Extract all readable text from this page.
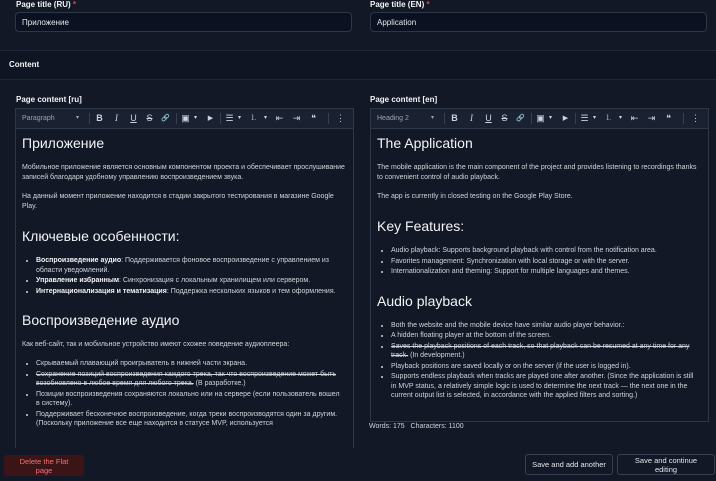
Page title (RU) *
Приложение	Page title (EN) *
Application
Content
Page content [ru]
Paragraph	▾ B	I	U S	🔗 ▣ ▾	▶	☰ ▾ ⒈	▾ ⇤ ⇥	❝	⋮
Приложение

Мобильное приложение является основным компонентом проекта и обеспечивает прослушивание записей благодаря удобному управлению воспроизведением звука.

На данный момент приложение находится в стадии закрытого тестирования в магазине Google Play.

Ключевые особенности:
• Воспроизведение аудио: Поддерживается фоновое воспроизведение с управлением из области уведомлений.
• Управление избранным: Синхронизация с локальным хранилищем или сервером.
• Интернационализация и тематизация: Поддержка нескольких языков и тем оформления.
Воспроизведение аудио

Как веб-сайт, так и мобильное устройство имеют схожее поведение аудиоплеера:

• Скрываемый плавающий проигрыватель в нижней части экрана.
• Сохранение позиций воспроизведения каждого трека, так что воспроизведение может быть возобновлено в любое время для любого трека. (В разработке.)
• Позиции воспроизведения сохраняются локально или на сервере (если пользователь вошел в систему).
• Поддерживает бесконечное воспроизведение, когда треки воспроизводятся один за другим. (Поскольку приложение все еще находится в статусе MVP, используется
Page content [en]
Heading 2	▾ B	I	U S	🔗 ▣ ▾	▶	☰ ▾ ⒈	▾ ⇤ ⇥	❝	⋮
The Application

The mobile application is the main component of the project and provides listening to recordings thanks to convenient control of audio playback.

The app is currently in closed testing on the Google Play Store.

Key Features:
• Audio playback: Supports background playback with control from the notification area.
• Favorites management: Synchronization with local storage or with the server.
• Internationalization and theming: Support for multiple languages and themes.
Audio playback
• Both the website and the mobile device have similar audio player behavior.:
• A hidden floating player at the bottom of the screen.
• Saves the playback positions of each track, so that playback can be resumed at any time for any track. (In development.)
• Playback positions are saved locally or on the server (if the user is logged in).
• Supports endless playback when tracks are played one after another. (Since the application is still in MVP status, a relatively simple logic is used to determine the next track — the next one in the current output list is selected, in accordance with the applied filters and sorting.)
Words: 175 Characters: 1100
Delete the Flat page
Save and add another	Save and continue editing
